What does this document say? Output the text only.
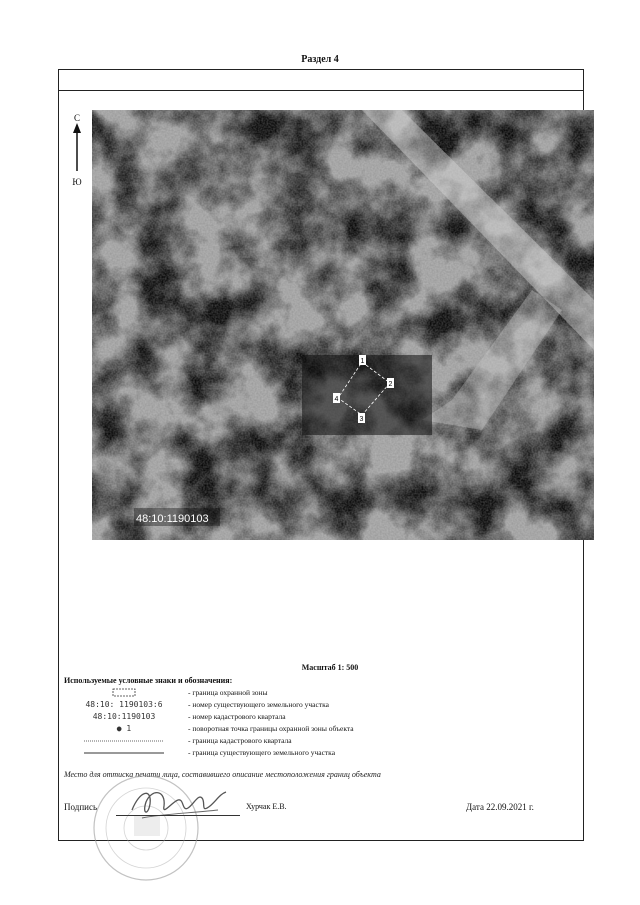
Раздел 4
С
Ю
1
2
3
4
48:10:1190103
Масштаб 1: 500
Используемые условные знаки и обозначения:
- граница охранной зоны
48:10: 1190103:6	- номер существующего земельного участка
48:10:1190103	- номер кадастрового квартала
● 1	- поворотная точка границы охранной зоны объекта
- граница кадастрового квартала
- граница существующего земельного участка
Место для оттиска печати лица, составившего описание местоположения границ объекта
Подпись	Хурчак Е.В.	Дата 22.09.2021 г.
